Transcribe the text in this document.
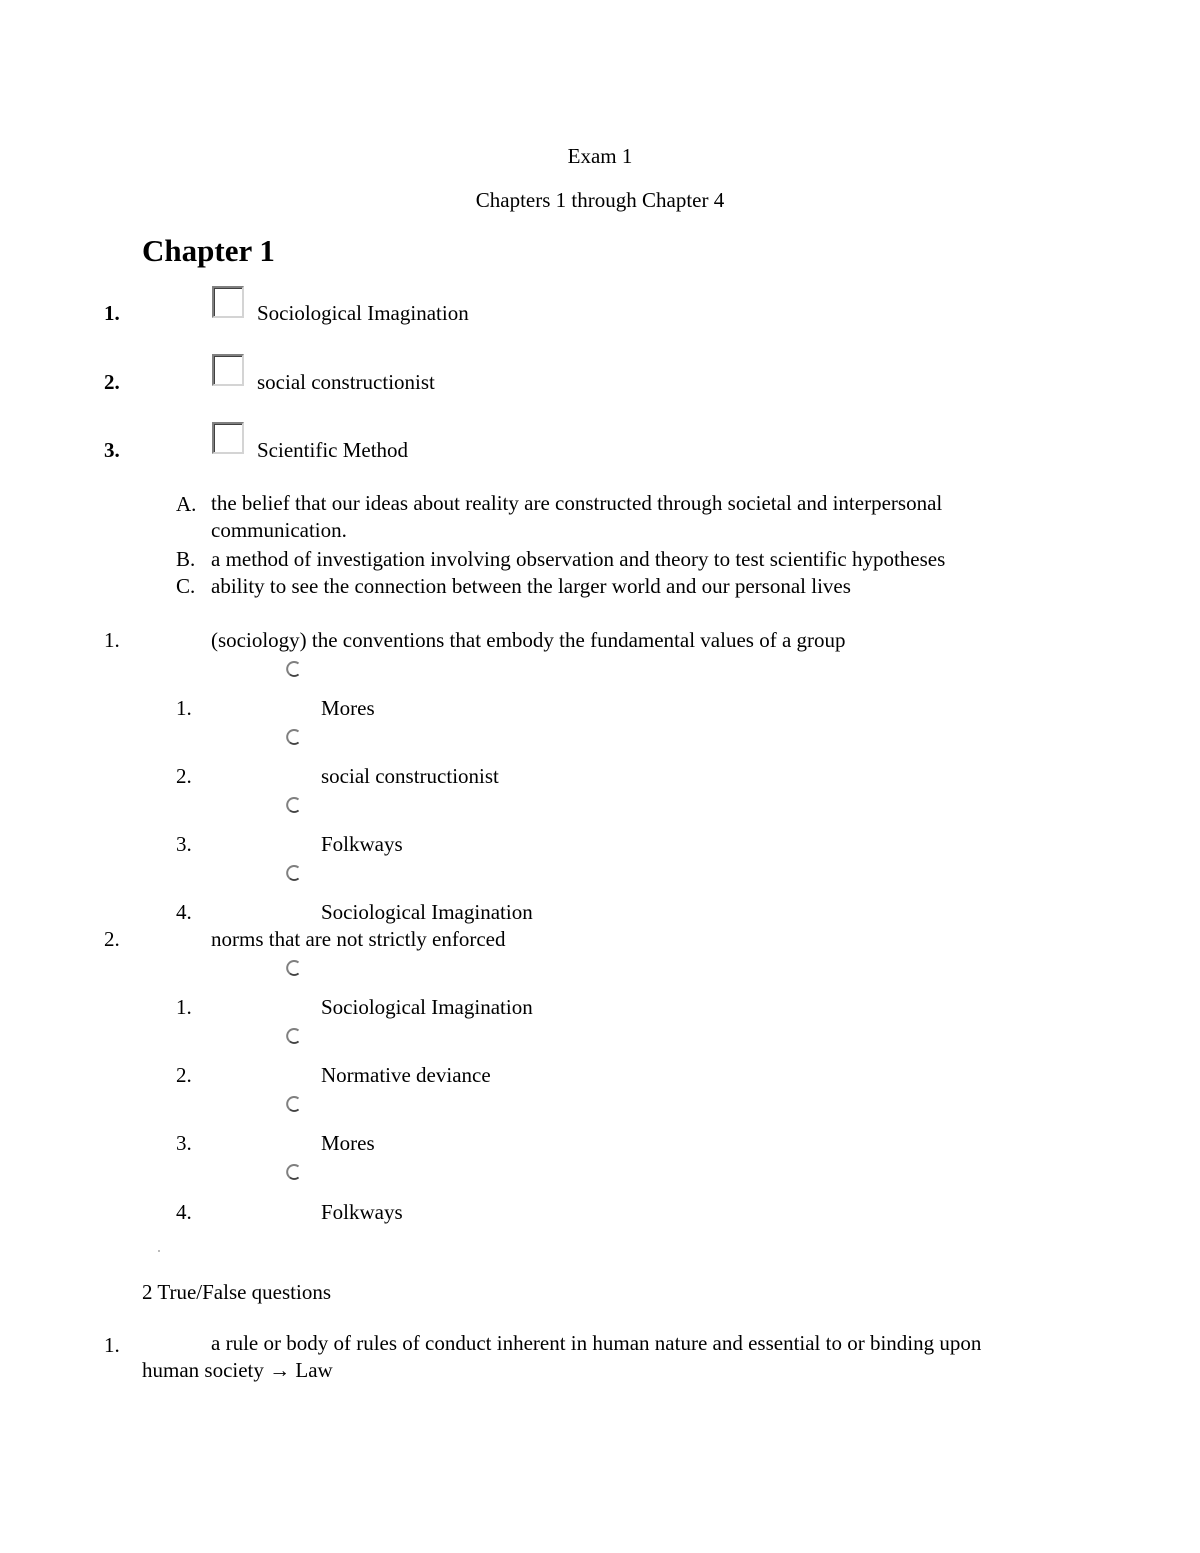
Exam 1
Chapters 1 through Chapter 4
Chapter 1
1.	Sociological Imagination
2.	social constructionist
3.	Scientific Method
A. the belief that our ideas about reality are constructed through societal and interpersonal communication.
B. a method of investigation involving observation and theory to test scientific hypotheses
C. ability to see the connection between the larger world and our personal lives
1.	(sociology) the conventions that embody the fundamental values of a group
1.	Mores
2.	social constructionist
3.	Folkways
4.	Sociological Imagination
2.	norms that are not strictly enforced
1.	Sociological Imagination
2.	Normative deviance
3.	Mores
4.	Folkways
2 True/False questions
1.	a rule or body of rules of conduct inherent in human nature and essential to or binding upon human society → Law
